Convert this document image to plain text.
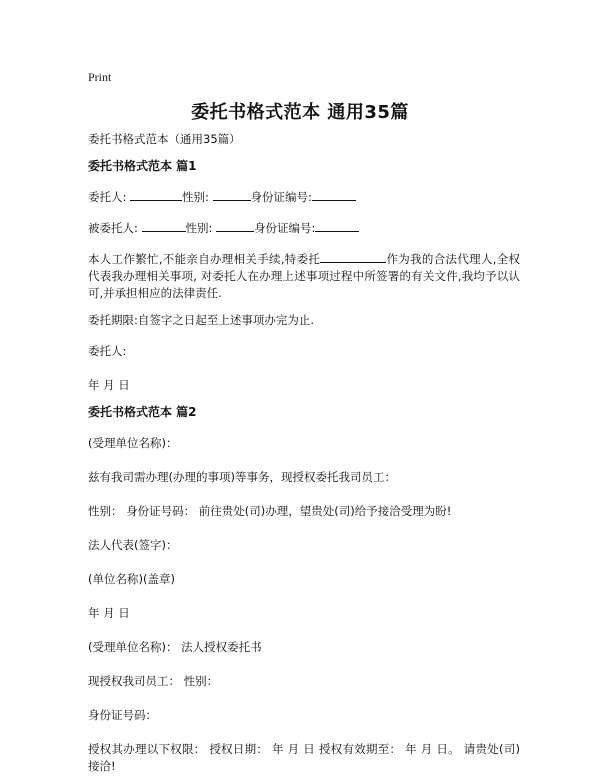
Print
委托书格式范本 通用35篇

委托书格式范本（通用35篇）

委托书格式范本 篇1

委托人:	性别:	身份证编号:

被委托人:	性别:	身份证编号:

本人工作繁忙,不能亲自办理相关手续,特委托	作为我的合法代理人,全权代表我办理相关事项, 对委托人在办理上述事项过程中所签署的有关文件,我均予以认可,并承担相应的法律责任.

委托期限:自签字之日起至上述事项办完为止.

委托人:

年 月 日

委托书格式范本 篇2

(受理单位名称)：

兹有我司需办理(办理的事项)等事务，现授权委托我司员工：

性别： 身份证号码： 前往贵处(司)办理，望贵处(司)给予接洽受理为盼!

法人代表(签字)：

(单位名称)(盖章)

年 月 日

(受理单位名称)： 法人授权委托书

现授权我司员工： 性别：

身份证号码：

授权其办理以下权限： 授权日期： 年 月 日 授权有效期至： 年 月 日。 请贵处(司)接洽!
